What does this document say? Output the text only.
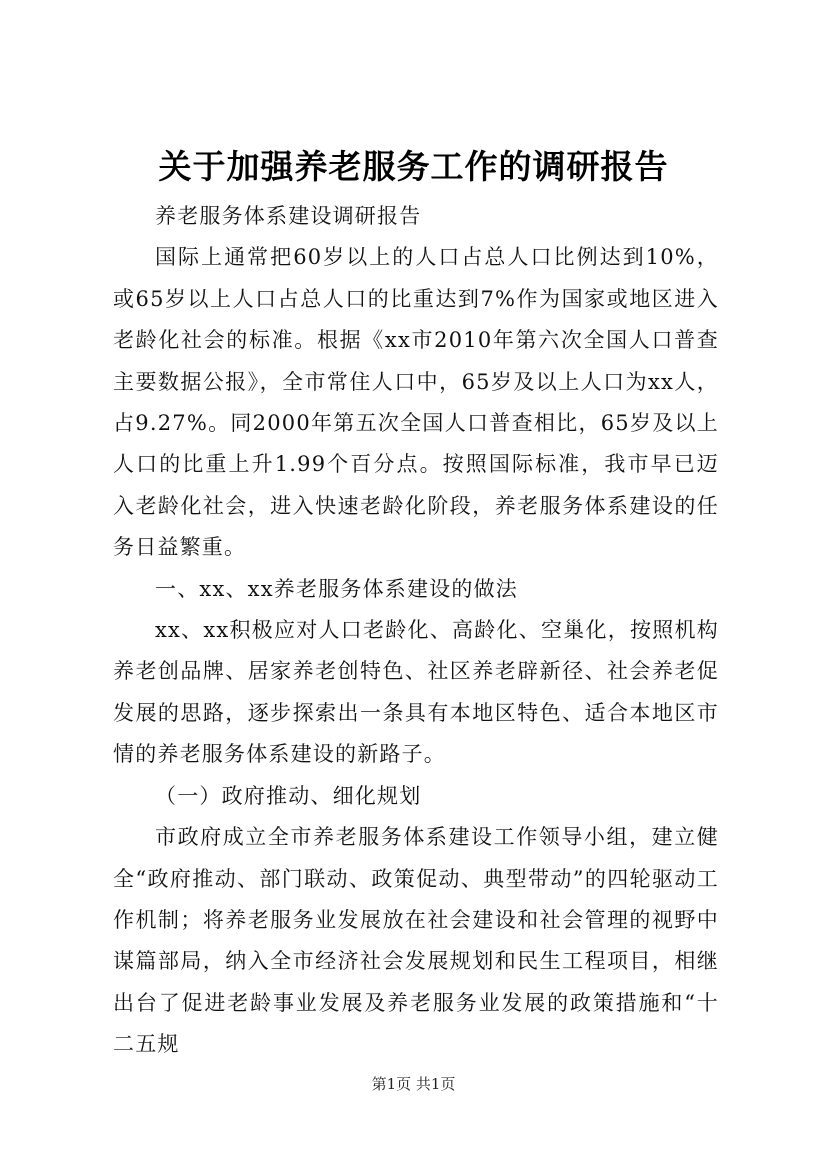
关于加强养老服务工作的调研报告

养老服务体系建设调研报告

国际上通常把60岁以上的人口占总人口比例达到10%，或65岁以上人口占总人口的比重达到7%作为国家或地区进入老龄化社会的标准。根据《xx市2010年第六次全国人口普查主要数据公报》，全市常住人口中，65岁及以上人口为xx人，占9.27%。同2000年第五次全国人口普查相比，65岁及以上人口的比重上升1.99个百分点。按照国际标准，我市早已迈入老龄化社会，进入快速老龄化阶段，养老服务体系建设的任务日益繁重。

一、xx、xx养老服务体系建设的做法

xx、xx积极应对人口老龄化、高龄化、空巢化，按照机构养老创品牌、居家养老创特色、社区养老辟新径、社会养老促发展的思路，逐步探索出一条具有本地区特色、适合本地区市情的养老服务体系建设的新路子。

（一）政府推动、细化规划

市政府成立全市养老服务体系建设工作领导小组，建立健全“政府推动、部门联动、政策促动、典型带动”的四轮驱动工作机制；将养老服务业发展放在社会建设和社会管理的视野中谋篇部局，纳入全市经济社会发展规划和民生工程项目，相继出台了促进老龄事业发展及养老服务业发展的政策措施和“十二五规

第1页 共1页
